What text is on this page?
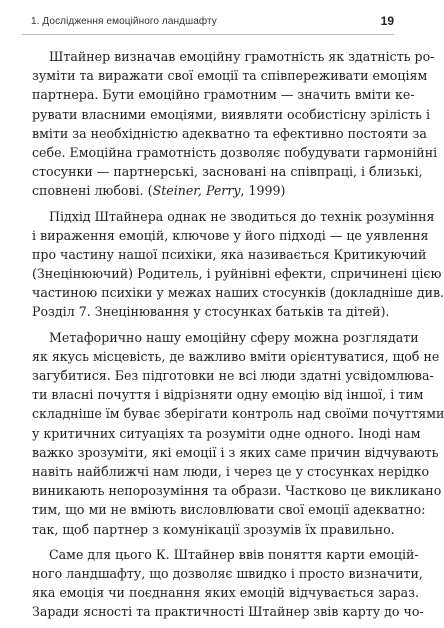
1. Дослідження емоційного ландшафту	19
Штайнер визначав емоційну грамотність як здатність ро-
зуміти та виражати свої емоції та співпереживати емоціям
партнера. Бути емоційно грамотним — значить вміти ке-
рувати власними емоціями, виявляти особистісну зрілість і
вміти за необхідністю адекватно та ефективно постояти за
себе. Емоційна грамотність дозволяє побудувати гармонійні
стосунки — партнерські, засновані на співпраці, і близькі,
сповнені любові. (Steiner, Perry, 1999)
Підхід Штайнера однак не зводиться до технік розуміння
і вираження емоцій, ключове у його підході — це уявлення
про частину нашої психіки, яка називається Критикуючий
(Знецінюючий) Родитель, і руйнівні ефекти, спричинені цією
частиною психіки у межах наших стосунків (докладніше див.
Розділ 7. Знецінювання у стосунках батьків та дітей).
Метафорично нашу емоційну сферу можна розглядати
як якусь місцевість, де важливо вміти орієнтуватися, щоб не
загубитися. Без підготовки не всі люди здатні усвідомлюва-
ти власні почуття і відрізняти одну емоцію від іншої, і тим
складніше їм буває зберігати контроль над своїми почуттями
у критичних ситуаціях та розуміти одне одного. Іноді нам
важко зрозуміти, які емоції і з яких саме причин відчувають
навіть найближчі нам люди, і через це у стосунках нерідко
виникають непорозуміння та образи. Частково це викликано
тим, що ми не вміють висловлювати свої емоції адекватно:
так, щоб партнер з комунікації зрозумів їх правильно.
Саме для цього К. Штайнер ввів поняття карти емоцій-
ного ландшафту, що дозволяє швидко і просто визначити,
яка емоція чи поєднання яких емоцій відчувається зараз.
Заради ясності та практичності Штайнер звів карту до чо-
